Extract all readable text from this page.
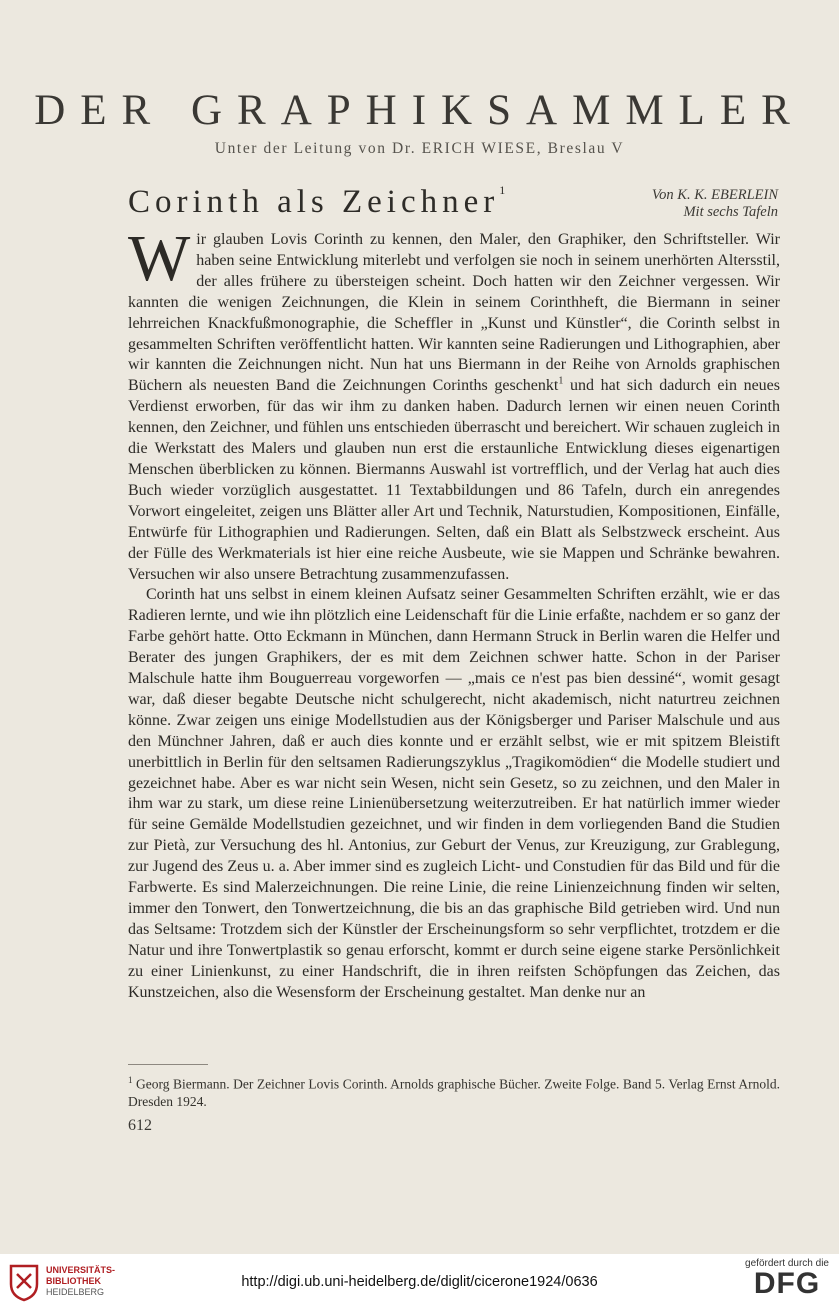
DER GRAPHIKSAMMLER
Unter der Leitung von Dr. ERICH WIESE, Breslau V
Corinth als Zeichner$^1$	Von K. K. EBERLEIN
Mit sechs Tafeln

Wir glauben Lovis Corinth zu kennen, den Maler, den Graphiker, den Schriftsteller. Wir haben seine Entwicklung miterlebt und verfolgen sie noch in seinem unerhörten Altersstil, der alles frühere zu übersteigen scheint. Doch hatten wir den Zeichner vergessen. Wir kannten die wenigen Zeichnungen, die Klein in seinem Corinthheft, die Biermann in seiner lehrreichen Knackfußmonographie, die Scheffler in „Kunst und Künstler“, die Corinth selbst in gesammelten Schriften veröffentlicht hatten. Wir kannten seine Radierungen und Lithographien, aber wir kannten die Zeichnungen nicht. Nun hat uns Biermann in der Reihe von Arnolds graphischen Büchern als neuesten Band die Zeichnungen Corinths geschenkt$^1$ und hat sich dadurch ein neues Verdienst erworben, für das wir ihm zu danken haben. Dadurch lernen wir einen neuen Corinth kennen, den Zeichner, und fühlen uns entschieden überrascht und bereichert. Wir schauen zugleich in die Werkstatt des Malers und glauben nun erst die erstaunliche Entwicklung dieses eigenartigen Menschen überblicken zu können. Biermanns Auswahl ist vortrefflich, und der Verlag hat auch dies Buch wieder vorzüglich ausgestattet. 11 Textabbildungen und 86 Tafeln, durch ein anregendes Vorwort eingeleitet, zeigen uns Blätter aller Art und Technik, Naturstudien, Kompositionen, Einfälle, Entwürfe für Lithographien und Radierungen. Selten, daß ein Blatt als Selbstzweck erscheint. Aus der Fülle des Werkmaterials ist hier eine reiche Ausbeute, wie sie Mappen und Schränke bewahren. Versuchen wir also unsere Betrachtung zusammenzufassen.

Corinth hat uns selbst in einem kleinen Aufsatz seiner Gesammelten Schriften erzählt, wie er das Radieren lernte, und wie ihn plötzlich eine Leidenschaft für die Linie erfaßte, nachdem er so ganz der Farbe gehört hatte. Otto Eckmann in München, dann Hermann Struck in Berlin waren die Helfer und Berater des jungen Graphikers, der es mit dem Zeichnen schwer hatte. Schon in der Pariser Malschule hatte ihm Bouguerreau vorgeworfen — „mais ce n'est pas bien dessiné“, womit gesagt war, daß dieser begabte Deutsche nicht schulgerecht, nicht akademisch, nicht naturtreu zeichnen könne. Zwar zeigen uns einige Modellstudien aus der Königsberger und Pariser Malschule und aus den Münchner Jahren, daß er auch dies konnte und er erzählt selbst, wie er mit spitzem Bleistift unerbittlich in Berlin für den seltsamen Radierungszyklus „Tragikomödien“ die Modelle studiert und gezeichnet habe. Aber es war nicht sein Wesen, nicht sein Gesetz, so zu zeichnen, und den Maler in ihm war zu stark, um diese reine Linienübersetzung weiterzutreiben. Er hat natürlich immer wieder für seine Gemälde Modellstudien gezeichnet, und wir finden in dem vorliegenden Band die Studien zur Pietà, zur Versuchung des hl. Antonius, zur Geburt der Venus, zur Kreuzigung, zur Grablegung, zur Jugend des Zeus u. a. Aber immer sind es zugleich Licht- und Constudien für das Bild und für die Farbwerte. Es sind Malerzeichnungen. Die reine Linie, die reine Linienzeichnung finden wir selten, immer den Tonwert, den Tonwertzeichnung, die bis an das graphische Bild getrieben wird. Und nun das Seltsame: Trotzdem sich der Künstler der Erscheinungsform so sehr verpflichtet, trotzdem er die Natur und ihre Tonwertplastik so genau erforscht, kommt er durch seine eigene starke Persönlichkeit zu einer Linienkunst, zu einer Handschrift, die in ihren reifsten Schöpfungen das Zeichen, das Kunstzeichen, also die Wesensform der Erscheinung gestaltet. Man denke nur an

$^1$ Georg Biermann. Der Zeichner Lovis Corinth. Arnolds graphische Bücher. Zweite Folge. Band 5. Verlag Ernst Arnold. Dresden 1924.
612
UNIVERSITÄTS-
BIBLIOTHEK
HEIDELBERG
http://digi.ub.uni-heidelberg.de/diglit/cicerone1924/0636
gefördert durch die
DFG
